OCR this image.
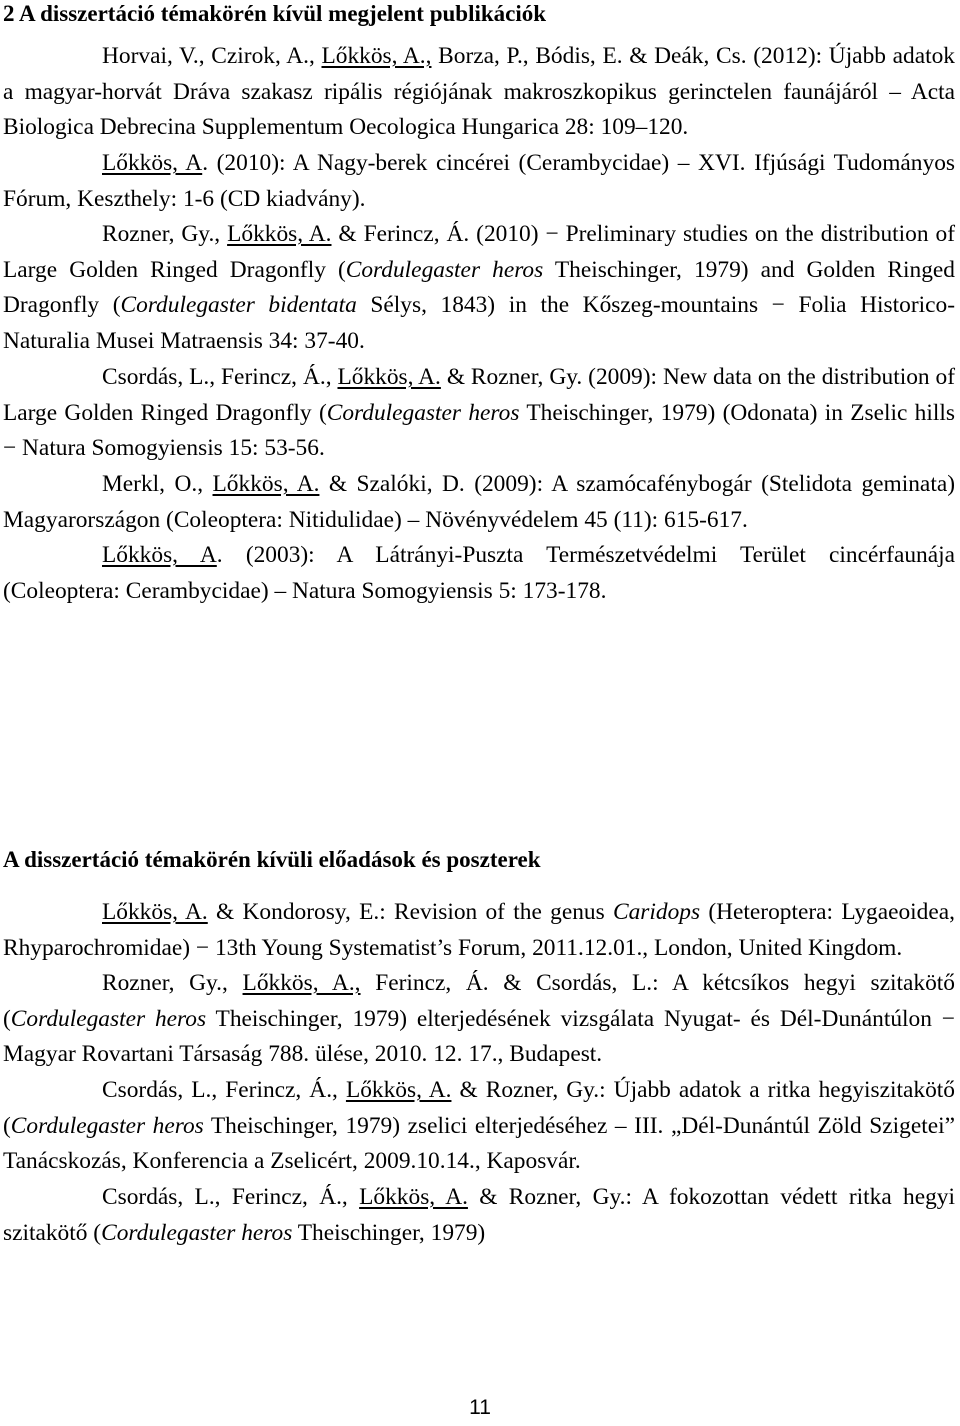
2 A disszertáció témakörén kívül megjelent publikációk

Horvai, V., Czirok, A., Lőkkös, A., Borza, P., Bódis, E. & Deák, Cs. (2012): Újabb adatok a magyar-horvát Dráva szakasz ripális régiójának makroszkopikus gerinctelen faunájáról – Acta Biologica Debrecina Supplementum Oecologica Hungarica 28: 109–120.

Lőkkös, A. (2010): A Nagy-berek cincérei (Cerambycidae) – XVI. Ifjúsági Tudományos Fórum, Keszthely: 1-6 (CD kiadvány).

Rozner, Gy., Lőkkös, A. & Ferincz, Á. (2010) − Preliminary studies on the distribution of Large Golden Ringed Dragonfly (Cordulegaster heros Theischinger, 1979) and Golden Ringed Dragonfly (Cordulegaster bidentata Sélys, 1843) in the Kőszeg-mountains − Folia Historico-Naturalia Musei Matraensis 34: 37-40.

Csordás, L., Ferincz, Á., Lőkkös, A. & Rozner, Gy. (2009): New data on the distribution of Large Golden Ringed Dragonfly (Cordulegaster heros Theischinger, 1979) (Odonata) in Zselic hills − Natura Somogyiensis 15: 53-56.

Merkl, O., Lőkkös, A. & Szalóki, D. (2009): A szamócafénybogár (Stelidota geminata) Magyarországon (Coleoptera: Nitidulidae) – Növényvédelem 45 (11): 615-617.

Lőkkös, A. (2003): A Látrányi-Puszta Természetvédelmi Terület cincérfaunája (Coleoptera: Cerambycidae) – Natura Somogyiensis 5: 173-178.

A disszertáció témakörén kívüli előadások és poszterek

Lőkkös, A. & Kondorosy, E.: Revision of the genus Caridops (Heteroptera: Lygaeoidea, Rhyparochromidae) − 13th Young Systematist’s Forum, 2011.12.01., London, United Kingdom.

Rozner, Gy., Lőkkös, A., Ferincz, Á. & Csordás, L.: A kétcsíkos hegyi szitakötő (Cordulegaster heros Theischinger, 1979) elterjedésének vizsgálata Nyugat- és Dél-Dunántúlon − Magyar Rovartani Társaság 788. ülése, 2010. 12. 17., Budapest.

Csordás, L., Ferincz, Á., Lőkkös, A. & Rozner, Gy.: Újabb adatok a ritka hegyiszitakötő (Cordulegaster heros Theischinger, 1979) zselici elterjedéséhez – III. „Dél-Dunántúl Zöld Szigetei” Tanácskozás, Konferencia a Zselicért, 2009.10.14., Kaposvár.

Csordás, L., Ferincz, Á., Lőkkös, A. & Rozner, Gy.: A fokozottan védett ritka hegyi szitakötő (Cordulegaster heros Theischinger, 1979)

11
